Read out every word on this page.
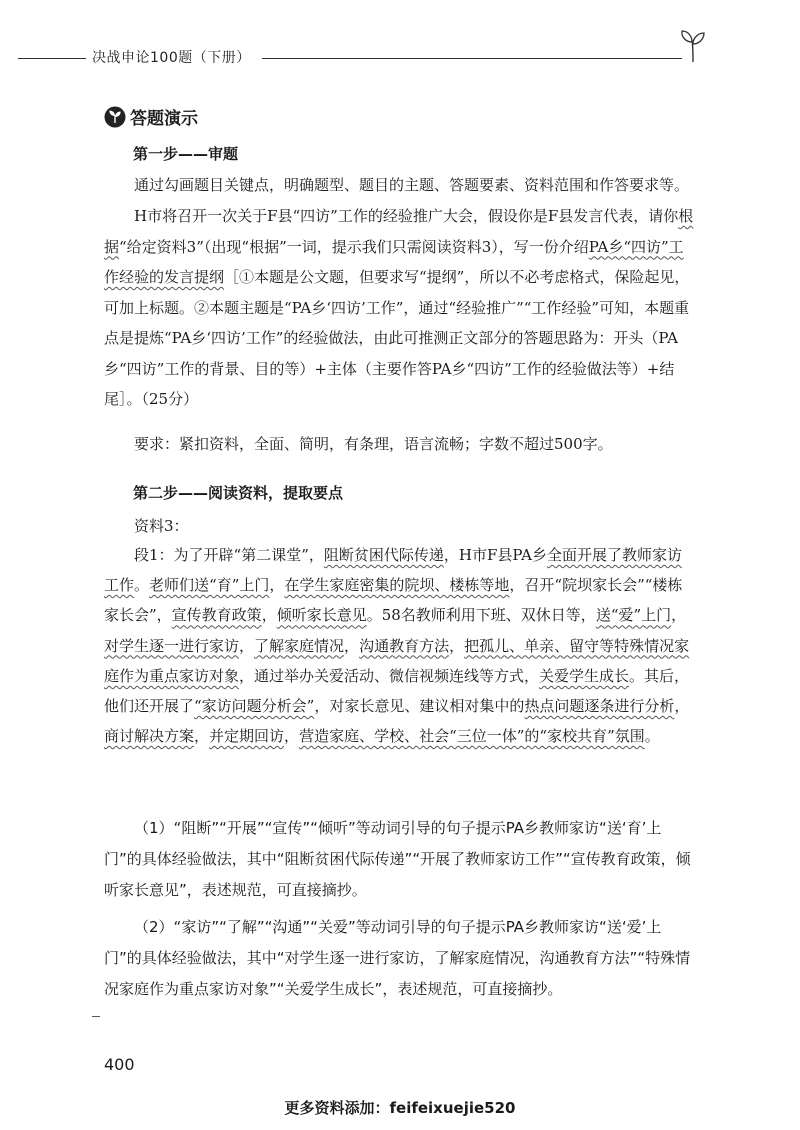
决战申论100题（下册）
答题演示
第一步——审题

通过勾画题目关键点，明确题型、题目的主题、答题要素、资料范围和作答要求等。

H市将召开一次关于F县“四访”工作的经验推广大会，假设你是F县发言代表，请你根据“给定资料3”（出现“根据”一词，提示我们只需阅读资料3），写一份介绍PA乡“四访”工作经验的发言提纲［①本题是公文题，但要求写“提纲”，所以不必考虑格式，保险起见，可加上标题。②本题主题是“PA乡‘四访’工作”，通过“经验推广”“工作经验”可知，本题重点是提炼“PA乡‘四访’工作”的经验做法，由此可推测正文部分的答题思路为：开头（PA乡“四访”工作的背景、目的等）+主体（主要作答PA乡“四访”工作的经验做法等）+结尾］。（25分）

要求：紧扣资料，全面、简明，有条理，语言流畅；字数不超过500字。

第二步——阅读资料，提取要点

资料3：

段1：为了开辟“第二课堂”，阻断贫困代际传递，H市F县PA乡全面开展了教师家访工作。老师们送“育”上门，在学生家庭密集的院坝、楼栋等地，召开“院坝家长会”“楼栋家长会”，宣传教育政策，倾听家长意见。58名教师利用下班、双休日等，送“爱”上门，对学生逐一进行家访，了解家庭情况，沟通教育方法，把孤儿、单亲、留守等特殊情况家庭作为重点家访对象，通过举办关爱活动、微信视频连线等方式，关爱学生成长。其后，他们还开展了“家访问题分析会”，对家长意见、建议相对集中的热点问题逐条进行分析，商讨解决方案，并定期回访，营造家庭、学校、社会“三位一体”的“家校共育”氛围。

（1）“阻断”“开展”“宣传”“倾听”等动词引导的句子提示PA乡教师家访“送‘育’上门”的具体经验做法，其中“阻断贫困代际传递”“开展了教师家访工作”“宣传教育政策，倾听家长意见”，表述规范，可直接摘抄。

（2）“家访”“了解”“沟通”“关爱”等动词引导的句子提示PA乡教师家访“送‘爱’上门”的具体经验做法，其中“对学生逐一进行家访，了解家庭情况，沟通教育方法”“特殊情况家庭作为重点家访对象”“关爱学生成长”，表述规范，可直接摘抄。

400
更多资料添加：feifeixuejie520
